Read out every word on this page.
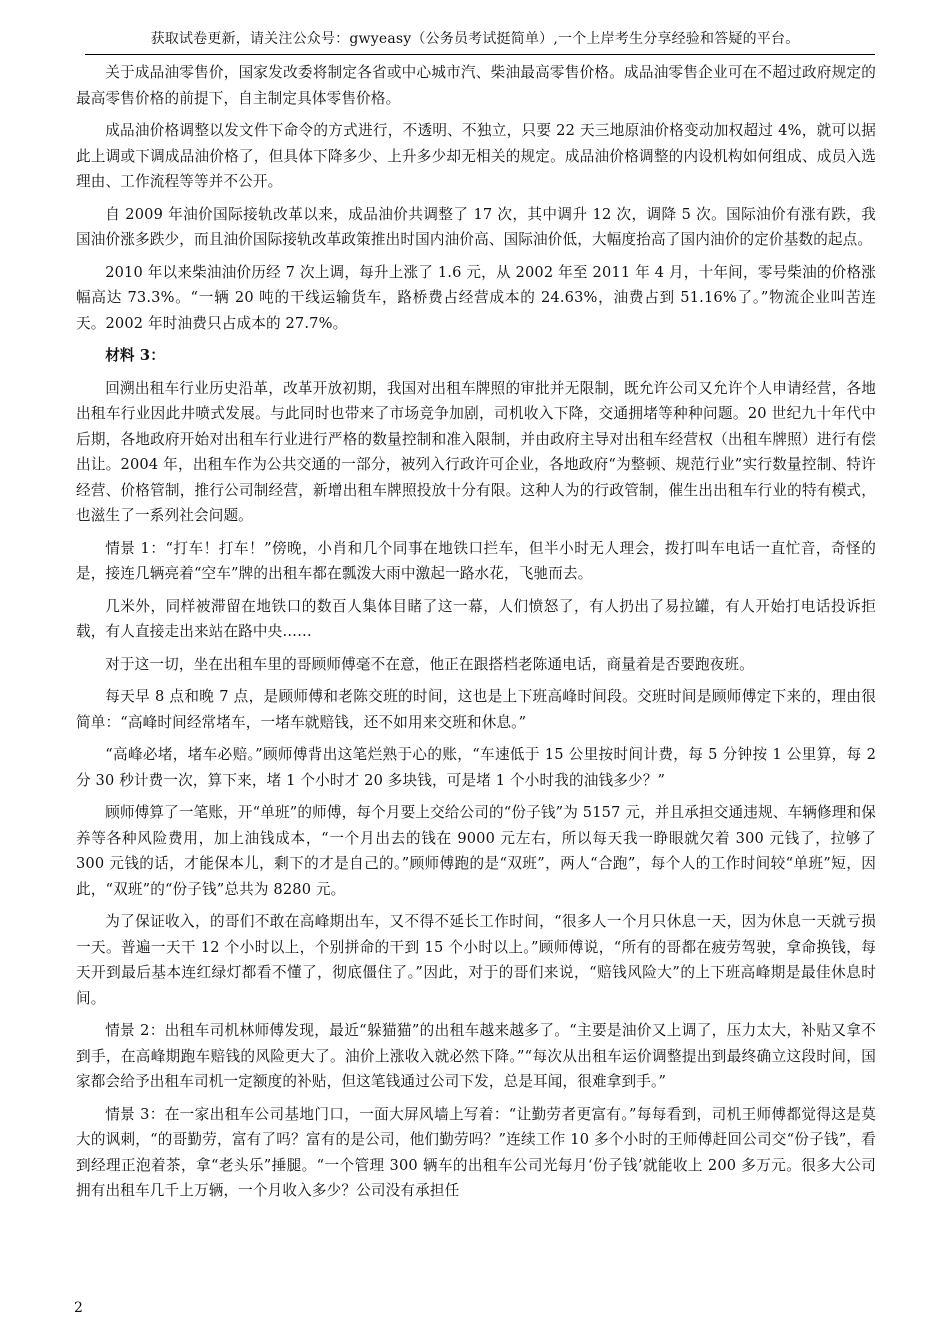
获取试卷更新，请关注公众号：gwyeasy（公务员考试挺简单）,一个上岸考生分享经验和答疑的平台。

关于成品油零售价，国家发改委将制定各省或中心城市汽、柴油最高零售价格。成品油零售企业可在不超过政府规定的最高零售价格的前提下，自主制定具体零售价格。

成品油价格调整以发文件下命令的方式进行，不透明、不独立，只要 22 天三地原油价格变动加权超过 4%，就可以据此上调或下调成品油价格了，但具体下降多少、上升多少却无相关的规定。成品油价格调整的内设机构如何组成、成员入选理由、工作流程等等并不公开。

自 2009 年油价国际接轨改革以来，成品油价共调整了 17 次，其中调升 12 次，调降 5 次。国际油价有涨有跌，我国油价涨多跌少，而且油价国际接轨改革政策推出时国内油价高、国际油价低，大幅度抬高了国内油价的定价基数的起点。

2010 年以来柴油油价历经 7 次上调，每升上涨了 1.6 元，从 2002 年至 2011 年 4 月，十年间，零号柴油的价格涨幅高达 73.3%。“一辆 20 吨的干线运输货车，路桥费占经营成本的 24.63%，油费占到 51.16%了。”物流企业叫苦连天。2002 年时油费只占成本的 27.7%。

材料 3：

回溯出租车行业历史沿革，改革开放初期，我国对出租车牌照的审批并无限制，既允许公司又允许个人申请经营，各地出租车行业因此井喷式发展。与此同时也带来了市场竞争加剧，司机收入下降，交通拥堵等种种问题。20 世纪九十年代中后期，各地政府开始对出租车行业进行严格的数量控制和准入限制，并由政府主导对出租车经营权（出租车牌照）进行有偿出让。2004 年，出租车作为公共交通的一部分，被列入行政许可企业，各地政府“为整顿、规范行业”实行数量控制、特许经营、价格管制，推行公司制经营，新增出租车牌照投放十分有限。这种人为的行政管制，催生出出租车行业的特有模式，也滋生了一系列社会问题。

情景 1：“打车！打车！”傍晚，小肖和几个同事在地铁口拦车，但半小时无人理会，拨打叫车电话一直忙音，奇怪的是，接连几辆亮着“空车”牌的出租车都在瓢泼大雨中激起一路水花，飞驰而去。

几米外，同样被滞留在地铁口的数百人集体目睹了这一幕，人们愤怒了，有人扔出了易拉罐，有人开始打电话投诉拒载，有人直接走出来站在路中央……

对于这一切，坐在出租车里的哥顾师傅毫不在意，他正在跟搭档老陈通电话，商量着是否要跑夜班。

每天早 8 点和晚 7 点，是顾师傅和老陈交班的时间，这也是上下班高峰时间段。交班时间是顾师傅定下来的，理由很简单：“高峰时间经常堵车，一堵车就赔钱，还不如用来交班和休息。”

“高峰必堵，堵车必赔。”顾师傅背出这笔烂熟于心的账，“车速低于 15 公里按时间计费，每 5 分钟按 1 公里算，每 2 分 30 秒计费一次，算下来，堵 1 个小时才 20 多块钱，可是堵 1 个小时我的油钱多少？”

顾师傅算了一笔账，开“单班”的师傅，每个月要上交给公司的“份子钱”为 5157 元，并且承担交通违规、车辆修理和保养等各种风险费用，加上油钱成本，“一个月出去的钱在 9000 元左右，所以每天我一睁眼就欠着 300 元钱了，拉够了 300 元钱的话，才能保本儿，剩下的才是自己的。”顾师傅跑的是“双班”，两人“合跑”，每个人的工作时间较“单班”短，因此，“双班”的“份子钱”总共为 8280 元。

为了保证收入，的哥们不敢在高峰期出车，又不得不延长工作时间，“很多人一个月只休息一天，因为休息一天就亏损一天。普遍一天干 12 个小时以上，个别拼命的干到 15 个小时以上。”顾师傅说，“所有的哥都在疲劳驾驶，拿命换钱，每天开到最后基本连红绿灯都看不懂了，彻底僵住了。”因此，对于的哥们来说，“赔钱风险大”的上下班高峰期是最佳休息时间。

情景 2：出租车司机林师傅发现，最近“躲猫猫”的出租车越来越多了。“主要是油价又上调了，压力太大，补贴又拿不到手，在高峰期跑车赔钱的风险更大了。油价上涨收入就必然下降。”“每次从出租车运价调整提出到最终确立这段时间，国家都会给予出租车司机一定额度的补贴，但这笔钱通过公司下发，总是耳闻，很难拿到手。”

情景 3：在一家出租车公司基地门口，一面大屏风墙上写着：“让勤劳者更富有。”每每看到，司机王师傅都觉得这是莫大的讽刺，“的哥勤劳，富有了吗？富有的是公司，他们勤劳吗？”连续工作 10 多个小时的王师傅赶回公司交“份子钱”，看到经理正泡着茶，拿“老头乐”捶腿。“一个管理 300 辆车的出租车公司光每月‘份子钱’就能收上 200 多万元。很多大公司拥有出租车几千上万辆，一个月收入多少？公司没有承担任

2
